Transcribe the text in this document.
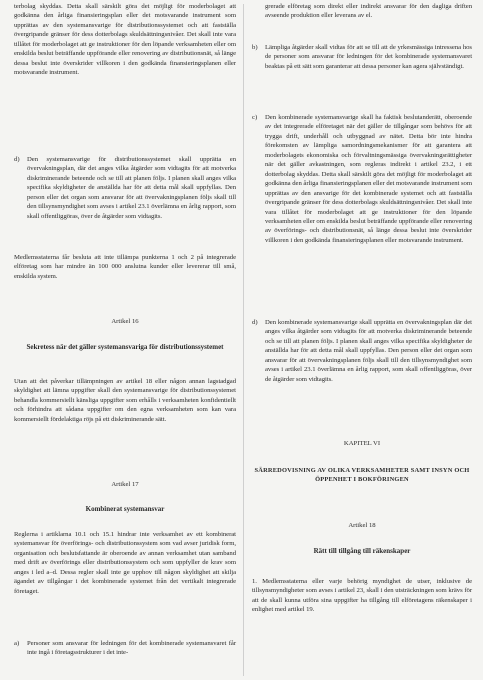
terbolag skyddas. Detta skall särskilt göra det möjligt för moderbolaget att godkänna den årliga finansieringsplan eller det motsvarande instrument som upprättas av den systemansvarige för distributionssystemet och att fastställa övergripande gränser för dess dotterbolags skuldsättningsnivåer. Det skall inte vara tillåtet för moderbolaget att ge instruktioner för den löpande verksamheten eller om enskilda beslut beträffande uppförande eller renovering av distributionsnät, så länge dessa beslut inte överskrider villkoren i den godkända finansieringsplanen eller motsvarande instrument.

d)	Den systemansvarige för distributionssystemet skall upprätta en övervakningsplan, där det anges vilka åtgärder som vidtagits för att motverka diskriminerande beteende och se till att planen följs. I planen skall anges vilka specifika skyldigheter de anställda har för att detta mål skall uppfyllas. Den person eller det organ som ansvarar för att övervakningsplanen följs skall till den tillsynsmyndighet som avses i artikel 23.1 överlämna en årlig rapport, som skall offentliggöras, över de åtgärder som vidtagits.

Medlemsstaterna får besluta att inte tillämpa punkterna 1 och 2 på integrerade elföretag som har mindre än 100 000 anslutna kunder eller levererar till små, enskilda system.

Artikel 16
Sekretess när det gäller systemansvariga för distributionssystemet

Utan att det påverkar tillämpningen av artikel 18 eller någon annan lagstadgad skyldighet att lämna uppgifter skall den systemansvarige för distributionssystemet behandla kommersiellt känsliga uppgifter som erhålls i verksamheten konfidentiellt och förhindra att sådana uppgifter om den egna verksamheten som kan vara kommersiellt fördelaktiga röjs på ett diskriminerande sätt.

Artikel 17
Kombinerat systemansvar

Reglerna i artiklarna 10.1 och 15.1 hindrar inte verksamhet av ett kombinerat systemansvar för överförings- och distributionssystem som vad avser juridisk form, organisation och beslutsfattande är oberoende av annan verksamhet utan samband med drift av överförings eller distributionssystem och som uppfyller de krav som anges i led a–d. Dessa regler skall inte ge upphov till någon skyldighet att skilja ägandet av tillgångar i det kombinerade systemet från det vertikalt integrerade företaget.

a)	Personer som ansvarar för ledningen för det kombinerade systemansvaret får inte ingå i företagsstrukturer i det inte-

grerade elföretag som direkt eller indirekt ansvarar för den dagliga driften avseende produktion eller leverans av el.

b)	Lämpliga åtgärder skall vidtas för att se till att de yrkesmässiga intressena hos de personer som ansvarar för ledningen för det kombinerade systemansvaret beaktas på ett sätt som garanterar att dessa personer kan agera självständigt.

c)	Den kombinerade systemansvarige skall ha faktisk beslutanderätt, oberoende av det integrerade elföretaget när det gäller de tillgångar som behövs för att trygga drift, underhåll och utbyggnad av nätet. Detta bör inte hindra förekomsten av lämpliga samordningsmekanismer för att garantera att moderbolagets ekonomiska och förvaltningsmässiga övervakningsrättigheter när det gäller avkastningen, som regleras indirekt i artikel 23.2, i ett dotterbolag skyddas. Detta skall särskilt göra det möjligt för moderbolaget att godkänna den årliga finansieringsplanen eller det motsvarande instrument som upprättas av den ansvarige för det kombinerade systemet och att fastställa övergripande gränser för dess dotterbolags skuldsättningsnivåer. Det skall inte vara tillåtet för moderbolaget att ge instruktioner för den löpande verksamheten eller om enskilda beslut beträffande uppförande eller renovering av överförings- och distributionsnät, så länge dessa beslut inte överskrider villkoren i den godkända finansieringsplanen eller motsvarande instrument.

d)	Den kombinerade systemansvarige skall upprätta en övervakningsplan där det anges vilka åtgärder som vidtagits för att motverka diskriminerande beteende och se till att planen följs. I planen skall anges vilka specifika skyldigheter de anställda har för att detta mål skall uppfyllas. Den person eller det organ som ansvarar för att övervakningsplanen följs skall till den tillsynsmyndighet som avses i artikel 23.1 överlämna en årlig rapport, som skall offentliggöras, över de åtgärder som vidtagits.

KAPITEL VI
SÄRREDOVISNING AV OLIKA VERKSAMHETER SAMT INSYN OCH ÖPPENHET I BOKFÖRINGEN
Artikel 18
Rätt till tillgång till räkenskaper

1. Medlemsstaterna eller varje behörig myndighet de utser, inklusive de tillsynsmyndigheter som avses i artikel 23, skall i den utsträckningen som krävs för att de skall kunna utföra sina uppgifter ha tillgång till elföretagens räkenskaper i enlighet med artikel 19.
